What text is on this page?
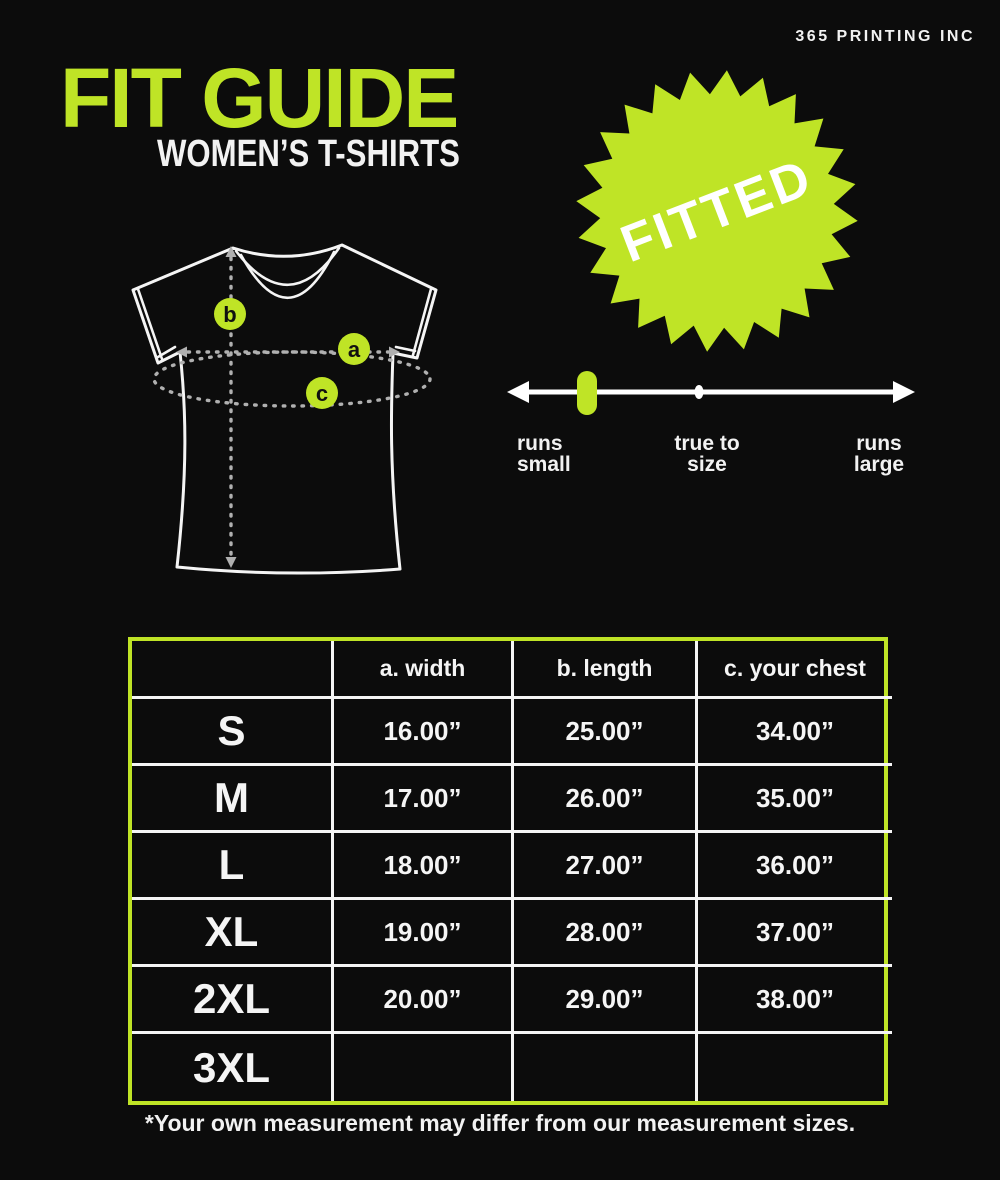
365 PRINTING INC
FIT GUIDE
WOMEN’S T-SHIRTS
b
a
c
FITTED
runs
small
true to
size
runs
large
	a. width	b. length	c. your chest
S	16.00”	25.00”	34.00”
M	17.00”	26.00”	35.00”
L	18.00”	27.00”	36.00”
XL	19.00”	28.00”	37.00”
2XL	20.00”	29.00”	38.00”
3XL			
*Your own measurement may differ from our measurement sizes.
